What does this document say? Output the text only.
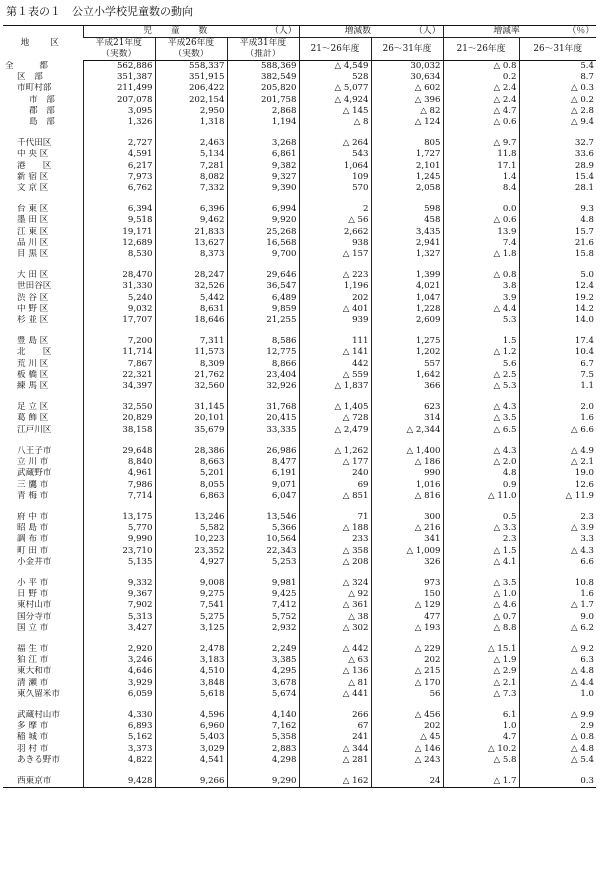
第１表の１　公立小学校児童数の動向
地　区	児　童　数 （人）			増減数 （人）		増減率 （％）	

	平成21年度	平成26年度	平成31年度	21～26年度	26～31年度	21～26年度	26～31年度
	（実数）	（実数）	（推計）				
全　　　都	562,886	558,337	588,369	△ 4,549	30,032	△ 0.8	5.4
区　部	351,387	351,915	382,549	528	30,634	0.2	8.7
市町村部	211,499	206,422	205,820	△ 5,077	△ 602	△ 2.4	△ 0.3
市　部	207,078	202,154	201,758	△ 4,924	△ 396	△ 2.4	△ 0.2
郡　部	3,095	2,950	2,868	△ 145	△ 82	△ 4.7	△ 2.8
島　部	1,326	1,318	1,194	△ 8	△ 124	△ 0.6	△ 9.4

千代田区	2,727	2,463	3,268	△ 264	805	△ 9.7	32.7
中 央 区	4,591	5,134	6,861	543	1,727	11.8	33.6
港　　区	6,217	7,281	9,382	1,064	2,101	17.1	28.9
新 宿 区	7,973	8,082	9,327	109	1,245	1.4	15.4
文 京 区	6,762	7,332	9,390	570	2,058	8.4	28.1

台 東 区	6,394	6,396	6,994	2	598	0.0	9.3
墨 田 区	9,518	9,462	9,920	△ 56	458	△ 0.6	4.8
江 東 区	19,171	21,833	25,268	2,662	3,435	13.9	15.7
品 川 区	12,689	13,627	16,568	938	2,941	7.4	21.6
目 黒 区	8,530	8,373	9,700	△ 157	1,327	△ 1.8	15.8

大 田 区	28,470	28,247	29,646	△ 223	1,399	△ 0.8	5.0
世田谷区	31,330	32,526	36,547	1,196	4,021	3.8	12.4
渋 谷 区	5,240	5,442	6,489	202	1,047	3.9	19.2
中 野 区	9,032	8,631	9,859	△ 401	1,228	△ 4.4	14.2
杉 並 区	17,707	18,646	21,255	939	2,609	5.3	14.0

豊 島 区	7,200	7,311	8,586	111	1,275	1.5	17.4
北　　区	11,714	11,573	12,775	△ 141	1,202	△ 1.2	10.4
荒 川 区	7,867	8,309	8,866	442	557	5.6	6.7
板 橋 区	22,321	21,762	23,404	△ 559	1,642	△ 2.5	7.5
練 馬 区	34,397	32,560	32,926	△ 1,837	366	△ 5.3	1.1

足 立 区	32,550	31,145	31,768	△ 1,405	623	△ 4.3	2.0
葛 飾 区	20,829	20,101	20,415	△ 728	314	△ 3.5	1.6
江戸川区	38,158	35,679	33,335	△ 2,479	△ 2,344	△ 6.5	△ 6.6

八王子市	29,648	28,386	26,986	△ 1,262	△ 1,400	△ 4.3	△ 4.9
立 川 市	8,840	8,663	8,477	△ 177	△ 186	△ 2.0	△ 2.1
武蔵野市	4,961	5,201	6,191	240	990	4.8	19.0
三 鷹 市	7,986	8,055	9,071	69	1,016	0.9	12.6
青 梅 市	7,714	6,863	6,047	△ 851	△ 816	△ 11.0	△ 11.9

府 中 市	13,175	13,246	13,546	71	300	0.5	2.3
昭 島 市	5,770	5,582	5,366	△ 188	△ 216	△ 3.3	△ 3.9
調 布 市	9,990	10,223	10,564	233	341	2.3	3.3
町 田 市	23,710	23,352	22,343	△ 358	△ 1,009	△ 1.5	△ 4.3
小金井市	5,135	4,927	5,253	△ 208	326	△ 4.1	6.6

小 平 市	9,332	9,008	9,981	△ 324	973	△ 3.5	10.8
日 野 市	9,367	9,275	9,425	△ 92	150	△ 1.0	1.6
東村山市	7,902	7,541	7,412	△ 361	△ 129	△ 4.6	△ 1.7
国分寺市	5,313	5,275	5,752	△ 38	477	△ 0.7	9.0
国 立 市	3,427	3,125	2,932	△ 302	△ 193	△ 8.8	△ 6.2

福 生 市	2,920	2,478	2,249	△ 442	△ 229	△ 15.1	△ 9.2
狛 江 市	3,246	3,183	3,385	△ 63	202	△ 1.9	6.3
東大和市	4,646	4,510	4,295	△ 136	△ 215	△ 2.9	△ 4.8
清 瀬 市	3,929	3,848	3,678	△ 81	△ 170	△ 2.1	△ 4.4
東久留米市	6,059	5,618	5,674	△ 441	56	△ 7.3	1.0

武蔵村山市	4,330	4,596	4,140	266	△ 456	6.1	△ 9.9
多 摩 市	6,893	6,960	7,162	67	202	1.0	2.9
稲 城 市	5,162	5,403	5,358	241	△ 45	4.7	△ 0.8
羽 村 市	3,373	3,029	2,883	△ 344	△ 146	△ 10.2	△ 4.8
あきる野市	4,822	4,541	4,298	△ 281	△ 243	△ 5.8	△ 5.4

西東京市	9,428	9,266	9,290	△ 162	24	△ 1.7	0.3
